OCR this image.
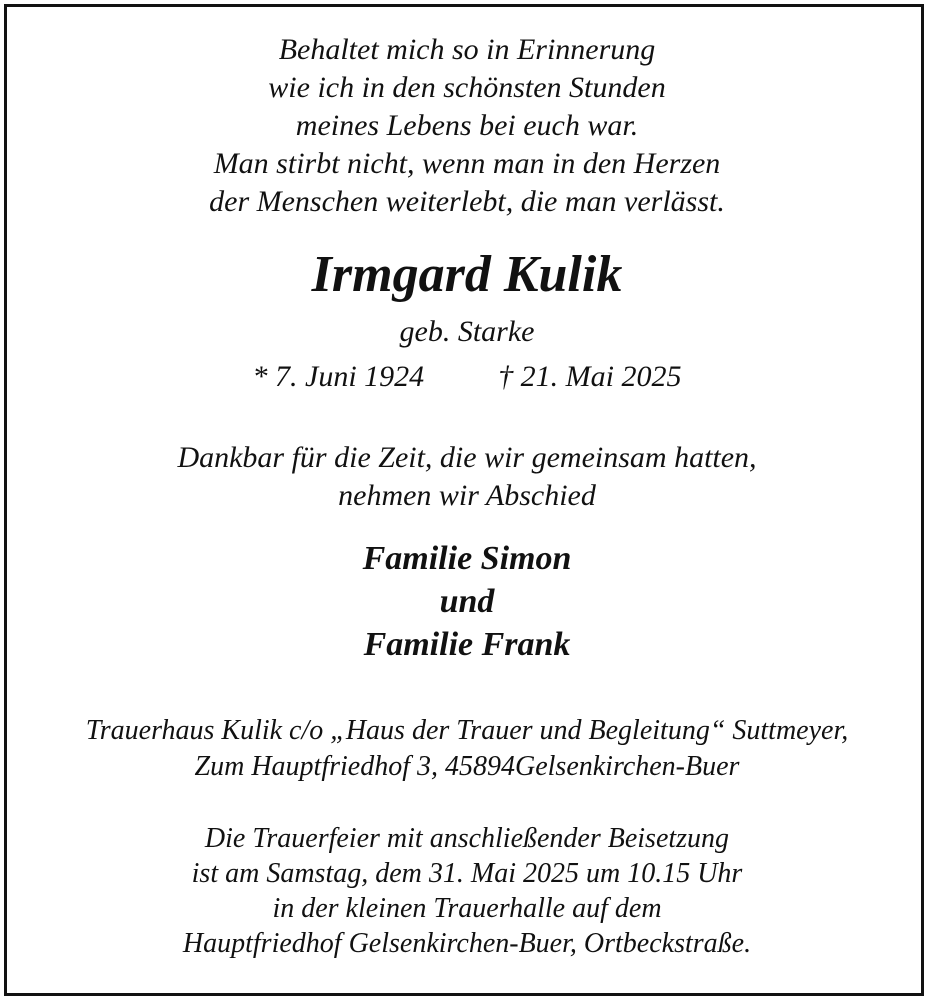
Behaltet mich so in Erinnerung
wie ich in den schönsten Stunden
meines Lebens bei euch war.
Man stirbt nicht, wenn man in den Herzen
der Menschen weiterlebt, die man verlässt.
Irmgard Kulik
geb. Starke
* 7. Juni 1924 † 21. Mai 2025
Dankbar für die Zeit, die wir gemeinsam hatten,
nehmen wir Abschied
Familie Simon
und
Familie Frank
Trauerhaus Kulik c/o „Haus der Trauer und Begleitung“ Suttmeyer,
Zum Hauptfriedhof 3, 45894Gelsenkirchen-Buer
Die Trauerfeier mit anschließender Beisetzung
ist am Samstag, dem 31. Mai 2025 um 10.15 Uhr
in der kleinen Trauerhalle auf dem
Hauptfriedhof Gelsenkirchen-Buer, Ortbeckstraße.
